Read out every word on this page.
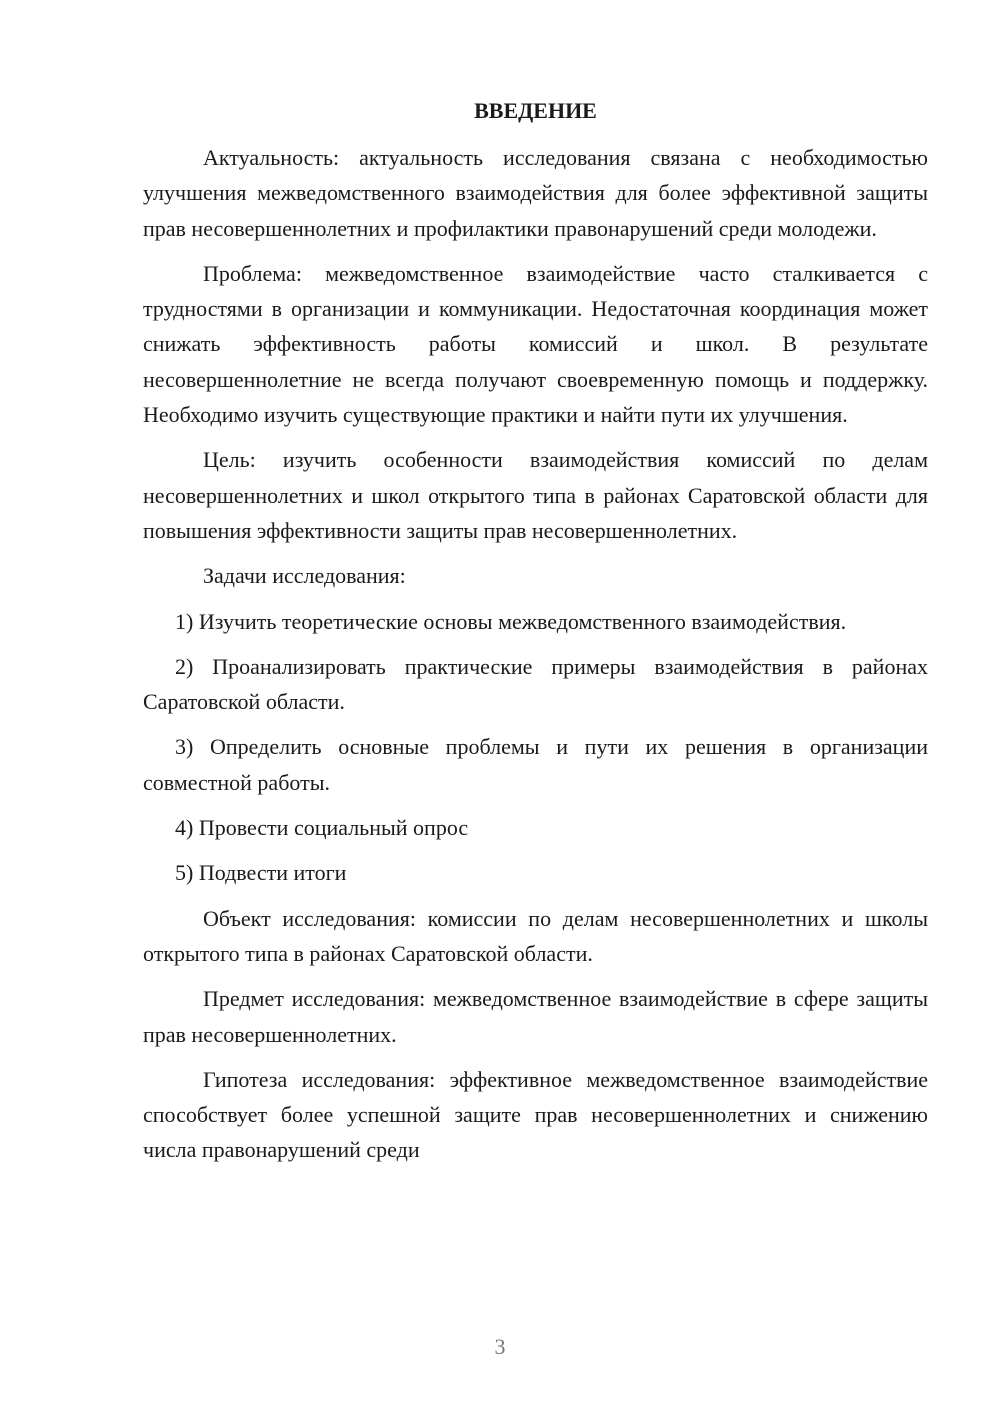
ВВЕДЕНИЕ

Актуальность: актуальность исследования связана с необходимостью улучшения межведомственного взаимодействия для более эффективной защиты прав несовершеннолетних и профилактики правонарушений среди молодежи.

Проблема: межведомственное взаимодействие часто сталкивается с трудностями в организации и коммуникации. Недостаточная координация может снижать эффективность работы комиссий и школ. В результате несовершеннолетние не всегда получают своевременную помощь и поддержку. Необходимо изучить существующие практики и найти пути их улучшения.

Цель: изучить особенности взаимодействия комиссий по делам несовершеннолетних и школ открытого типа в районах Саратовской области для повышения эффективности защиты прав несовершеннолетних.

Задачи исследования:

1) Изучить теоретические основы межведомственного взаимодействия.

2) Проанализировать практические примеры взаимодействия в районах Саратовской области.

3) Определить основные проблемы и пути их решения в организации совместной работы.

4) Провести социальный опрос

5) Подвести итоги

Объект исследования: комиссии по делам несовершеннолетних и школы открытого типа в районах Саратовской области.

Предмет исследования: межведомственное взаимодействие в сфере защиты прав несовершеннолетних.

Гипотеза исследования: эффективное межведомственное взаимодействие способствует более успешной защите прав несовершеннолетних и снижению числа правонарушений среди

3
